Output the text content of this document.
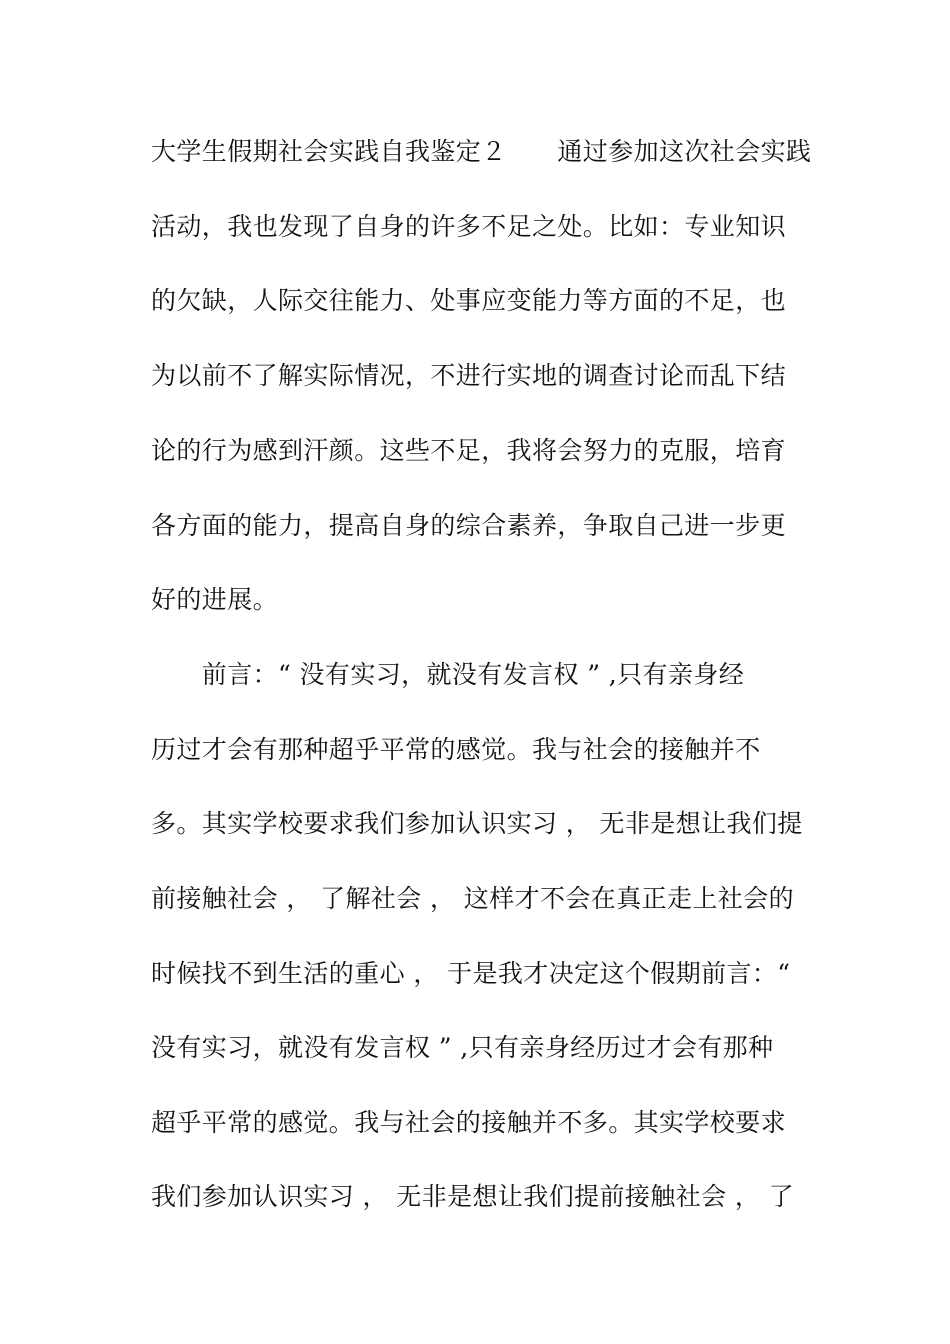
大学生假期社会实践自我鉴定２　　通过参加这次社会实践
活动，我也发现了自身的许多不足之处。比如：专业知识
的欠缺，人际交往能力、处事应变能力等方面的不足，也
为以前不了解实际情况，不进行实地的调查讨论而乱下结
论的行为感到汗颜。这些不足，我将会努力的克服，培育
各方面的能力，提高自身的综合素养，争取自己进一步更
好的进展。
　　前言：“ 没有实习，就没有发言权 ” ,只有亲身经
历过才会有那种超乎平常的感觉。我与社会的接触并不
多。其实学校要求我们参加认识实习 ， 无非是想让我们提
前接触社会 ， 了解社会 ， 这样才不会在真正走上社会的
时候找不到生活的重心 ， 于是我才决定这个假期前言：“
没有实习，就没有发言权 ” ,只有亲身经历过才会有那种
超乎平常的感觉。我与社会的接触并不多。其实学校要求
我们参加认识实习 ， 无非是想让我们提前接触社会 ， 了
